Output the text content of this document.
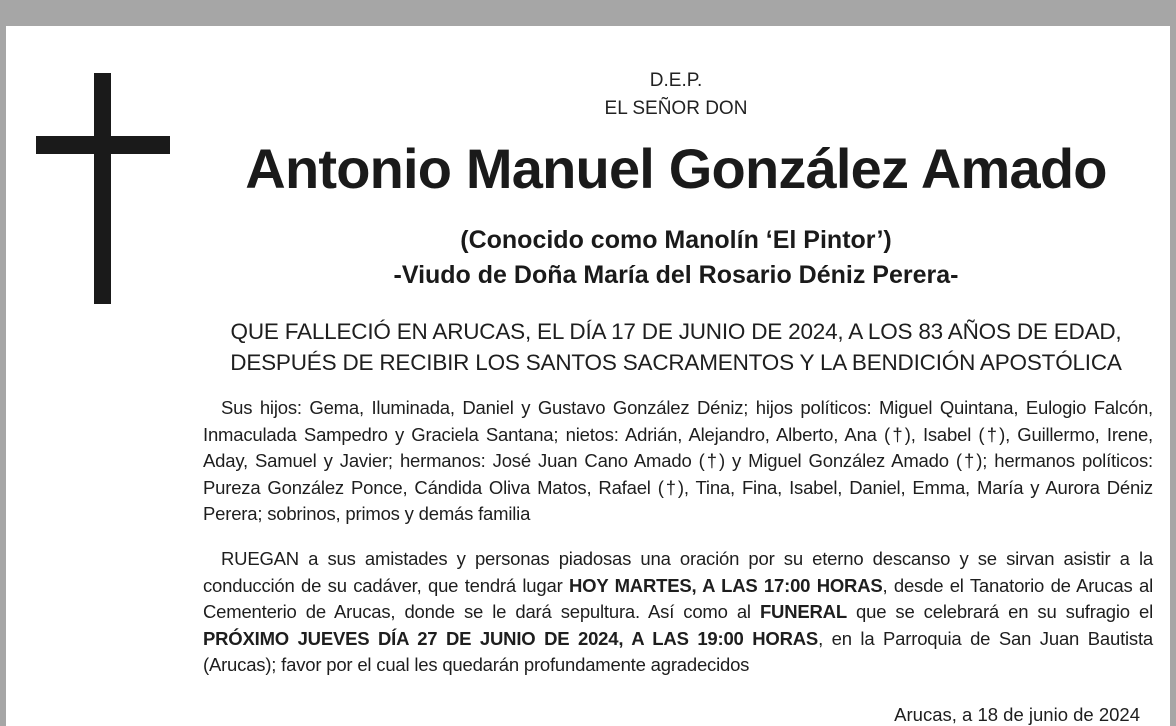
D.E.P.
EL SEÑOR DON
Antonio Manuel González Amado
(Conocido como Manolín ‘El Pintor’)
-Viudo de Doña María del Rosario Déniz Perera-
QUE FALLECIÓ EN ARUCAS, EL DÍA 17 DE JUNIO DE 2024, A LOS 83 AÑOS DE EDAD,
DESPUÉS DE RECIBIR LOS SANTOS SACRAMENTOS Y LA BENDICIÓN APOSTÓLICA
Sus hijos: Gema, Iluminada, Daniel y Gustavo González Déniz; hijos políticos: Miguel Quintana, Eulogio Falcón, Inmaculada Sampedro y Graciela Santana; nietos: Adrián, Alejandro, Alberto, Ana (†), Isabel (†), Guillermo, Irene, Aday, Samuel y Javier; hermanos: José Juan Cano Amado (†) y Miguel González Amado (†); hermanos políticos: Pureza González Ponce, Cándida Oliva Matos, Rafael (†), Tina, Fina, Isabel, Daniel, Emma, María y Aurora Déniz Perera; sobrinos, primos y demás familia
RUEGAN a sus amistades y personas piadosas una oración por su eterno descanso y se sirvan asistir a la conducción de su cadáver, que tendrá lugar HOY MARTES, A LAS 17:00 HORAS, desde el Tanatorio de Arucas al Cementerio de Arucas, donde se le dará sepultura. Así como al FUNERAL que se celebrará en su sufragio el PRÓXIMO JUEVES DÍA 27 DE JUNIO DE 2024, A LAS 19:00 HORAS, en la Parroquia de San Juan Bautista (Arucas); favor por el cual les quedarán profundamente agradecidos
Arucas, a 18 de junio de 2024
